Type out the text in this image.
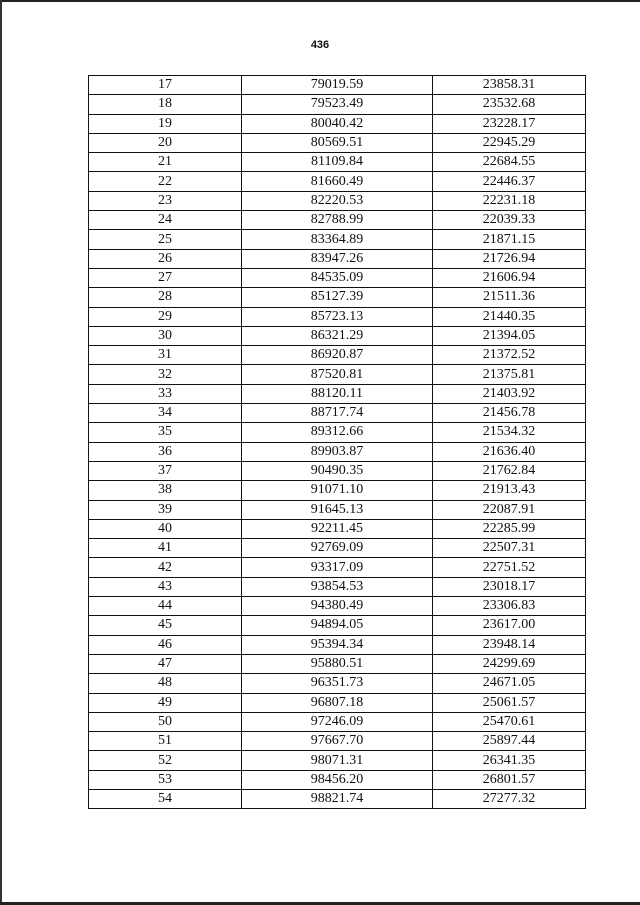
436
17	79019.59	23858.31
18	79523.49	23532.68
19	80040.42	23228.17
20	80569.51	22945.29
21	81109.84	22684.55
22	81660.49	22446.37
23	82220.53	22231.18
24	82788.99	22039.33
25	83364.89	21871.15
26	83947.26	21726.94
27	84535.09	21606.94
28	85127.39	21511.36
29	85723.13	21440.35
30	86321.29	21394.05
31	86920.87	21372.52
32	87520.81	21375.81
33	88120.11	21403.92
34	88717.74	21456.78
35	89312.66	21534.32
36	89903.87	21636.40
37	90490.35	21762.84
38	91071.10	21913.43
39	91645.13	22087.91
40	92211.45	22285.99
41	92769.09	22507.31
42	93317.09	22751.52
43	93854.53	23018.17
44	94380.49	23306.83
45	94894.05	23617.00
46	95394.34	23948.14
47	95880.51	24299.69
48	96351.73	24671.05
49	96807.18	25061.57
50	97246.09	25470.61
51	97667.70	25897.44
52	98071.31	26341.35
53	98456.20	26801.57
54	98821.74	27277.32
